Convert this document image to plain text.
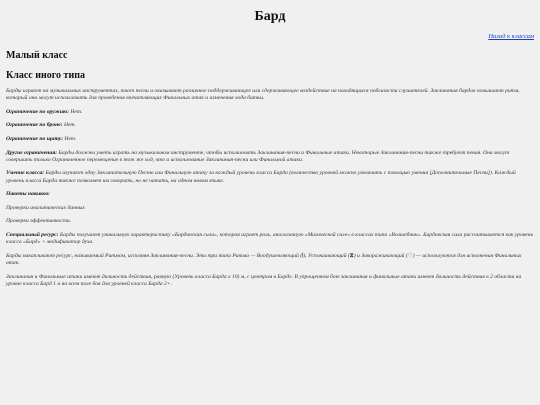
Бард
Назад к классам
Малый класс
Класс иного типа

Барды играют на музыкальных инструментах, поют песни и оказывают различное поддерживающее или сдерживающее воздействие на находящихся поблизости слушателей. Заклинания бардов повышают ритм, который они могут использовать для проведения впечатляющих Финальных атак и изменения хода битвы.

Ограничение по оружию: Нет.

Ограничение по броне: Нет.

Ограничение по щиту: Нет.

Другие ограничения: Барды должны уметь играть на музыкальном инструменте, чтобы использовать Заклинания-песни и Финальные атаки. Некоторые Заклинания-песни также требуют пения. Они могут совершить только Ограниченное перемещение в тот же ход, что и использование Заклинания-песни или Финальной атаки.

Умение класса: Барды изучают одну Заклинательную Песню или Финальную атаку за каждый уровень класса Барда (количество уровней можно увеличить с помощью умения [Дополнительные Песни]). Каждый уровень класса Барда также позволяет им говорить, но не читать, на одном новом языке.

Пакеты навыков:

Проверки аналитических данных

Проверки эффективности.

Специальный ресурс: Барды получают уникальную характеристику «Бардовская сила», которая играет роль, аналогичную «Магической силе» в классах типа «Волшебник». Бардовская сила рассчитывается как уровень класса «Бард» + модификатор духа.

Барды накапливают ресурс, называемый Ритмом, исполняя Заклинания-песни. Эти три типа Ритма — Воодушевляющий (⦚), Успокаивающий (⧖) и Завораживающий (♡) — используются для исполнения Финальных атак.

Заклинания и Финальные атаки имеют дальность действия, равную (Уровень класса Барда x 10) м, с центром в Барде. В упрощенном бою заклинания и финальные атаки имеют дальность действия в 2 области на уровне класса Бард 1 и на всем поле боя для уровней класса Барда 2+.
